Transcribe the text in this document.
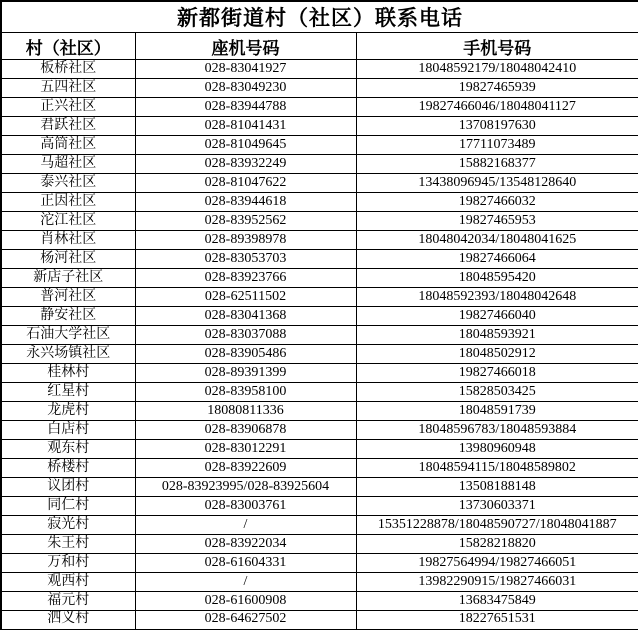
新都街道村（社区）联系电话		
村（社区）	座机号码	手机号码
板桥社区	028-83041927	18048592179/18048042410
五四社区	028-83049230	19827465939
正兴社区	028-83944788	19827466046/18048041127
君跃社区	028-81041431	13708197630
高筒社区	028-81049645	17711073489
马超社区	028-83932249	15882168377
泰兴社区	028-81047622	13438096945/13548128640
正因社区	028-83944618	19827466032
沱江社区	028-83952562	19827465953
肖林社区	028-89398978	18048042034/18048041625
杨河社区	028-83053703	19827466064
新店子社区	028-83923766	18048595420
普河社区	028-62511502	18048592393/18048042648
静安社区	028-83041368	19827466040
石油大学社区	028-83037088	18048593921
永兴场镇社区	028-83905486	18048502912
桂林村	028-89391399	19827466018
红星村	028-83958100	15828503425
龙虎村	18080811336	18048591739
白店村	028-83906878	18048596783/18048593884
观东村	028-83012291	13980960948
桥楼村	028-83922609	18048594115/18048589802
议团村	028-83923995/028-83925604	13508188148
同仁村	028-83003761	13730603371
寂光村	/	15351228878/18048590727/18048041887
朱王村	028-83922034	15828218820
万和村	028-61604331	19827564994/19827466051
观西村	/	13982290915/19827466031
福元村	028-61600908	13683475849
泗义村	028-64627502	18227651531
